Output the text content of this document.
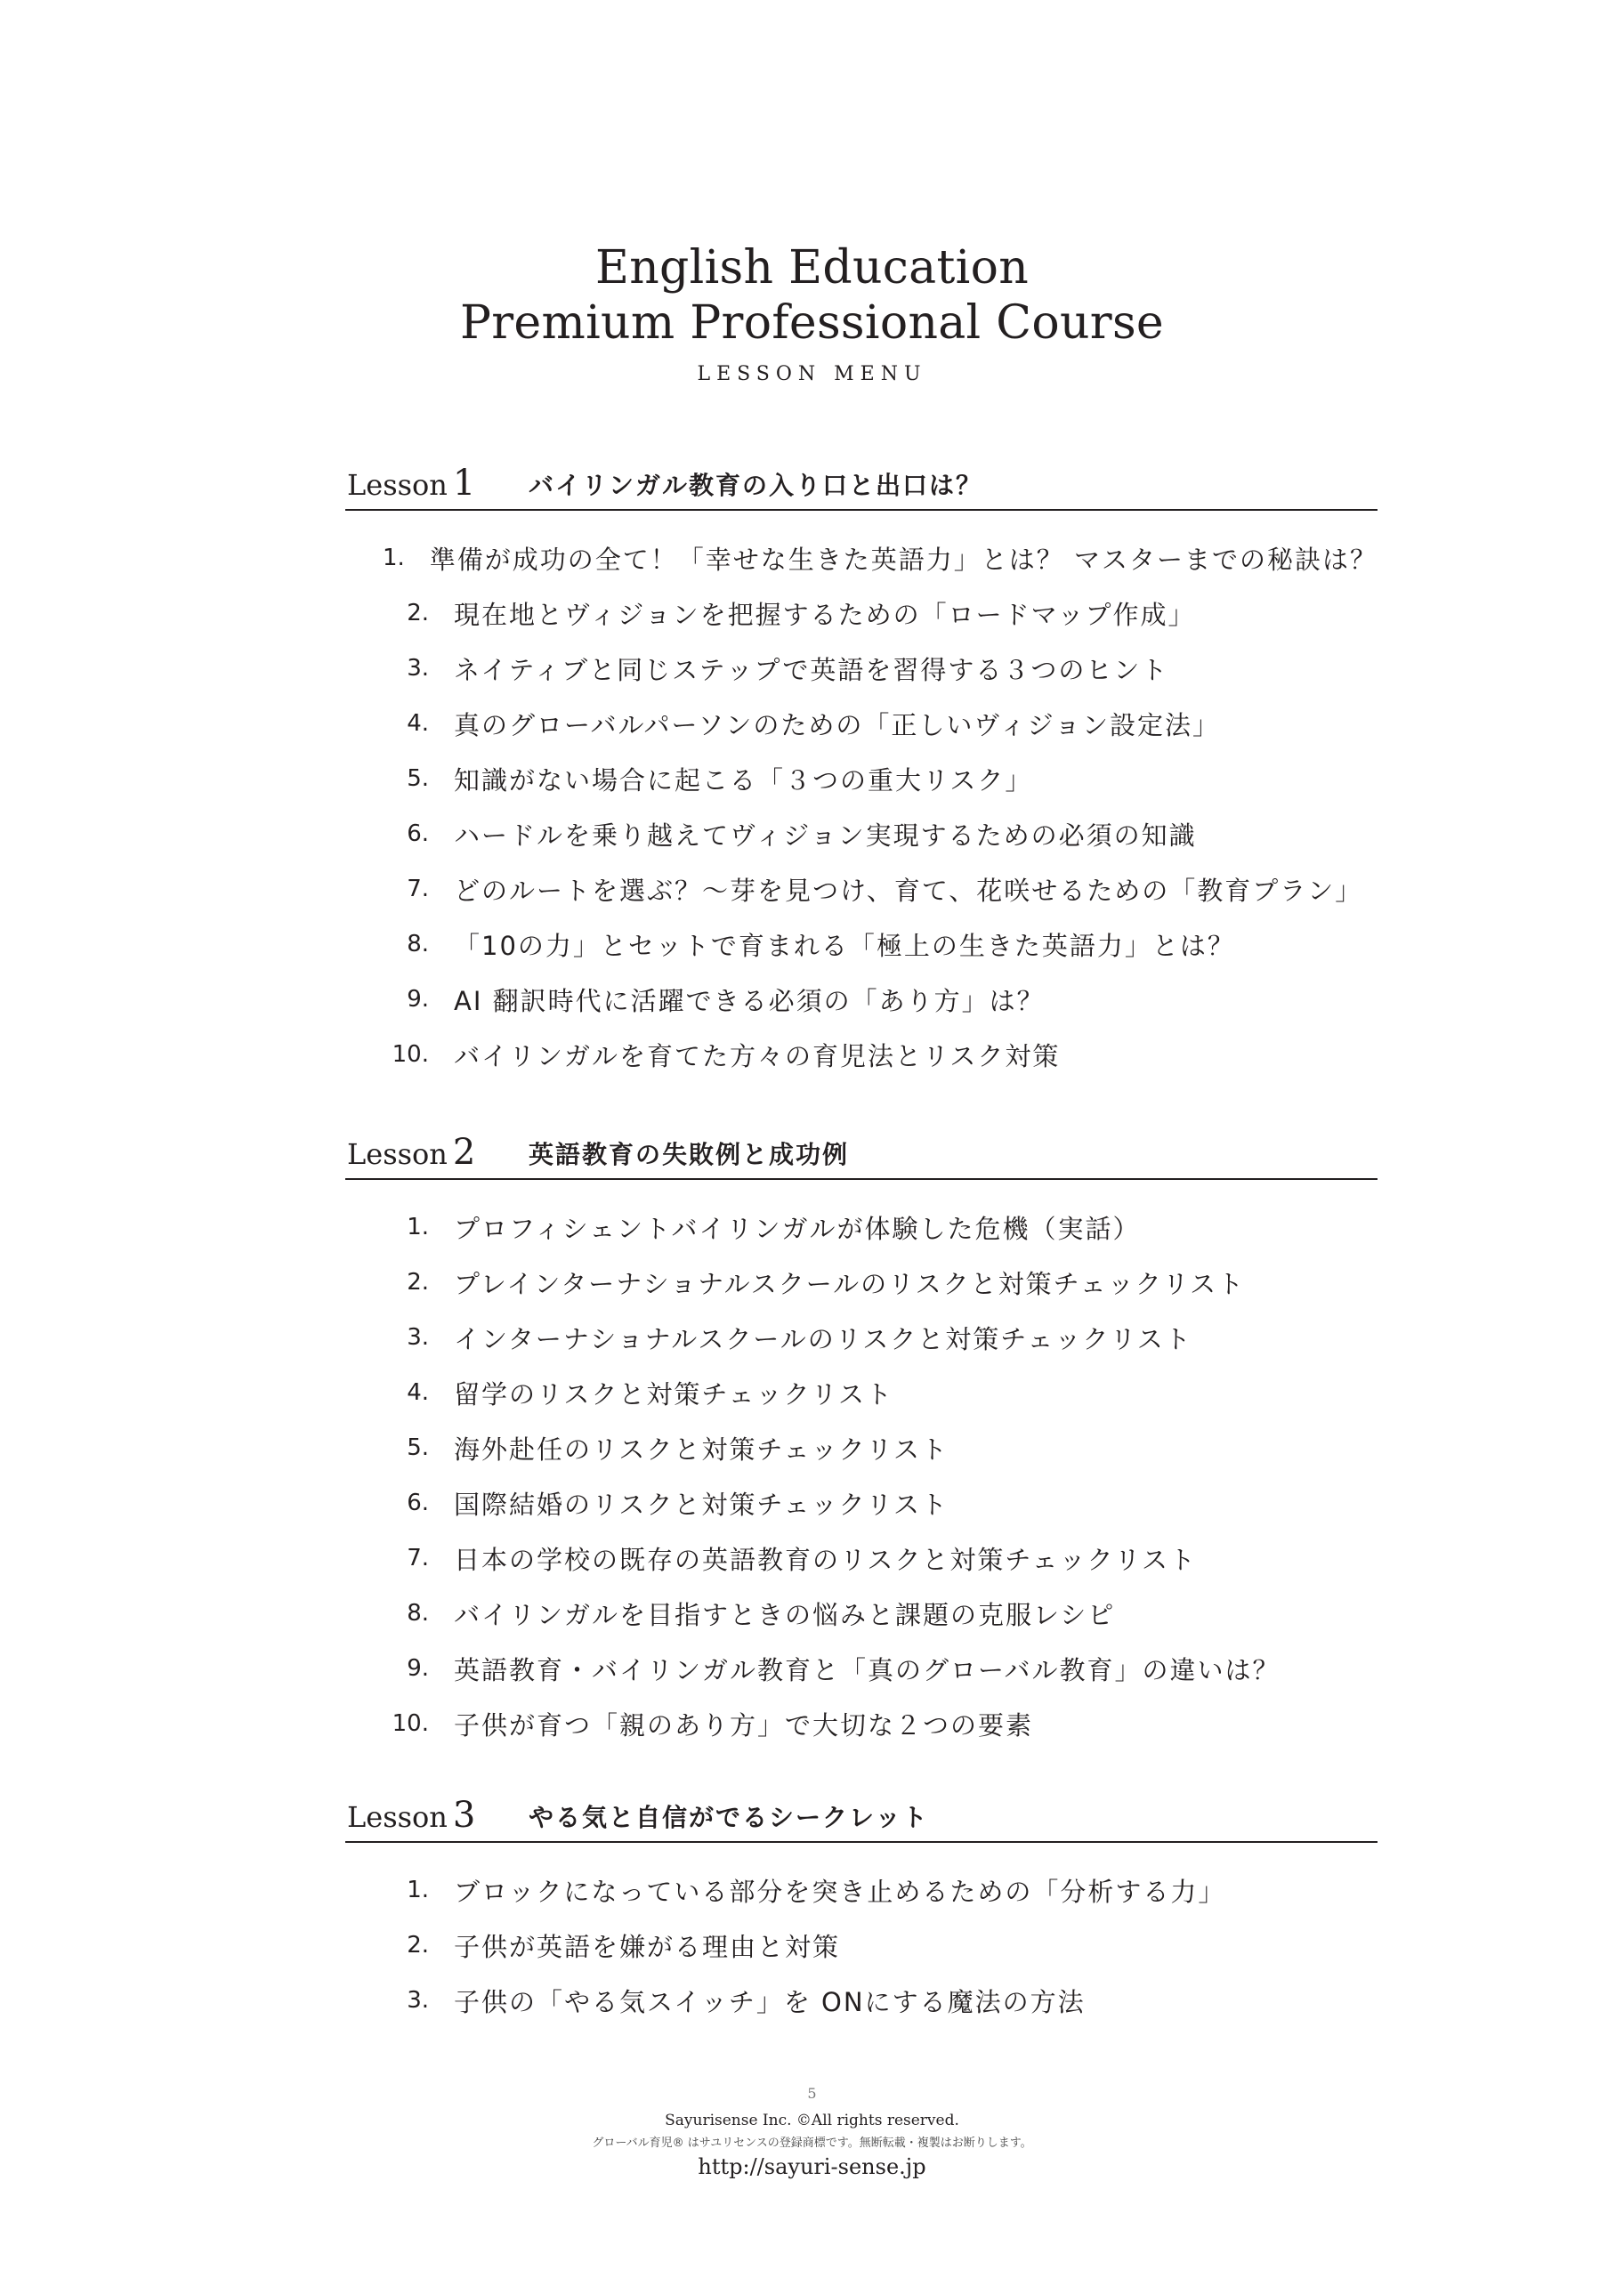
English Education
Premium Professional Course
LESSON MENU
Lesson 1 バイリンガル教育の入り口と出口は？
1. 準備が成功の全て！「幸せな生きた英語力」とは？ マスターまでの秘訣は？
2. 現在地とヴィジョンを把握するための「ロードマップ作成」
3. ネイティブと同じステップで英語を習得する３つのヒント
4. 真のグローバルパーソンのための「正しいヴィジョン設定法」
5. 知識がない場合に起こる「３つの重大リスク」
6. ハードルを乗り越えてヴィジョン実現するための必須の知識
7. どのルートを選ぶ？〜芽を見つけ、育て、花咲せるための「教育プラン」
8. 「10の力」とセットで育まれる「極上の生きた英語力」とは？
9. AI 翻訳時代に活躍できる必須の「あり方」は？
10. バイリンガルを育てた方々の育児法とリスク対策
Lesson 2 英語教育の失敗例と成功例
1. プロフィシェントバイリンガルが体験した危機（実話）
2. プレインターナショナルスクールのリスクと対策チェックリスト
3. インターナショナルスクールのリスクと対策チェックリスト
4. 留学のリスクと対策チェックリスト
5. 海外赴任のリスクと対策チェックリスト
6. 国際結婚のリスクと対策チェックリスト
7. 日本の学校の既存の英語教育のリスクと対策チェックリスト
8. バイリンガルを目指すときの悩みと課題の克服レシピ
9. 英語教育・バイリンガル教育と「真のグローバル教育」の違いは？
10. 子供が育つ「親のあり方」で大切な２つの要素
Lesson 3 やる気と自信がでるシークレット
1. ブロックになっている部分を突き止めるための「分析する力」
2. 子供が英語を嫌がる理由と対策
3. 子供の「やる気スイッチ」を ONにする魔法の方法
5
Sayurisense Inc. ©All rights reserved.
グローバル育児® はサユリセンスの登録商標です。無断転載・複製はお断りします。
http://sayuri-sense.jp
